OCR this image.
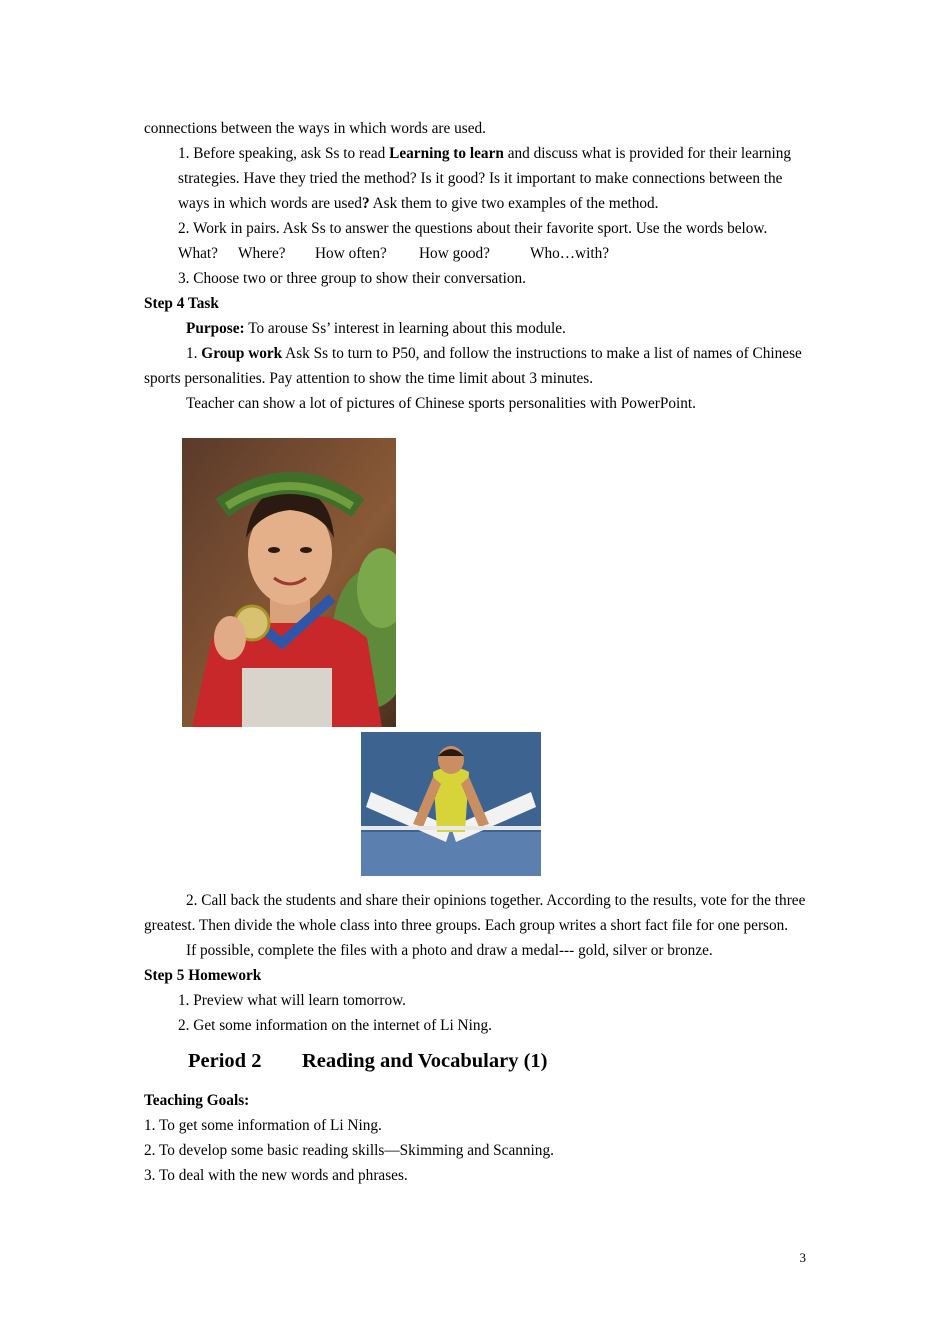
connections between the ways in which words are used.

1. Before speaking, ask Ss to read Learning to learn and discuss what is provided for their learning strategies. Have they tried the method? Is it good? Is it important to make connections between the ways in which words are used? Ask them to give two examples of the method.

2. Work in pairs. Ask Ss to answer the questions about their favorite sport. Use the words below.

What? Where? How often? How good?	Who…with?

3. Choose two or three group to show their conversation.

Step 4 Task

Purpose: To arouse Ss’ interest in learning about this module.

1. Group work Ask Ss to turn to P50, and follow the instructions to make a list of names of Chinese sports personalities. Pay attention to show the time limit about 3 minutes.

Teacher can show a lot of pictures of Chinese sports personalities with PowerPoint.

2. Call back the students and share their opinions together. According to the results, vote for the three greatest. Then divide the whole class into three groups. Each group writes a short fact file for one person.

If possible, complete the files with a photo and draw a medal--- gold, silver or bronze.

Step 5 Homework

1. Preview what will learn tomorrow.

2. Get some information on the internet of Li Ning.

Period 2 Reading and Vocabulary (1)

Teaching Goals:

1. To get some information of Li Ning.

2. To develop some basic reading skills—Skimming and Scanning.

3. To deal with the new words and phrases.

3
